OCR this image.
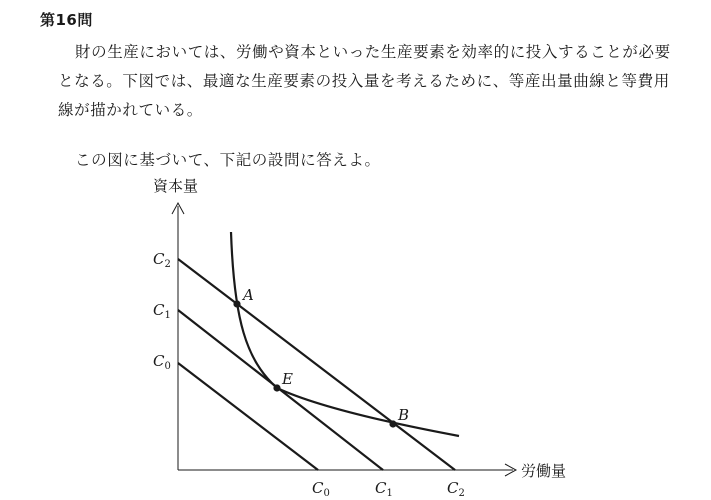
第16問

財の生産においては、労働や資本といった生産要素を効率的に投入することが必要となる。下図では、最適な生産要素の投入量を考えるために、等産出量曲線と等費用線が描かれている。

この図に基づいて、下記の設問に答えよ。

資本量
労働量
A
E
B
$C_2$
$C_1$
$C_0$
$C_0$	$C_1$	$C_2$
